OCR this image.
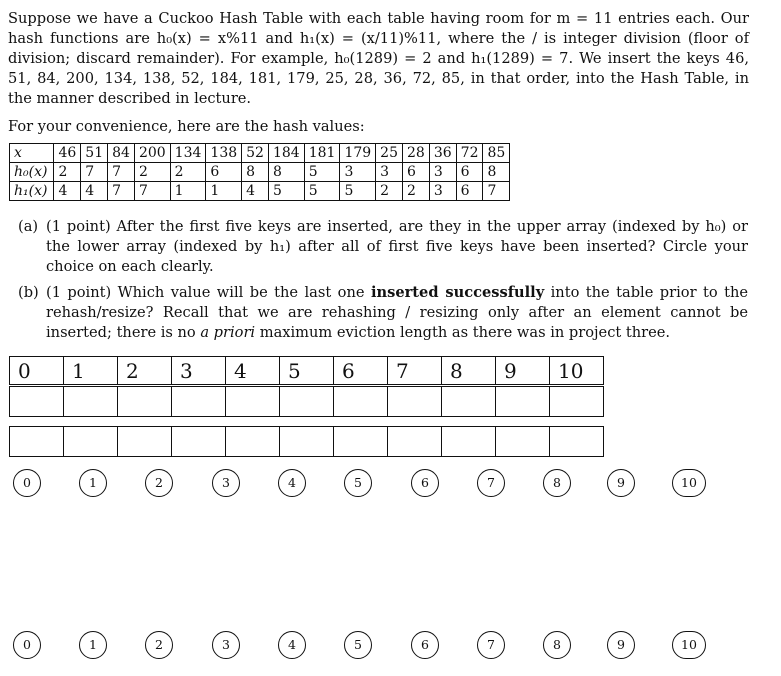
Suppose we have a Cuckoo Hash Table with each table having room for m = 11 entries each. Our hash functions are h₀(x) = x%11 and h₁(x) = (x/11)%11, where the / is integer division (floor of division; discard remainder). For example, h₀(1289) = 2 and h₁(1289) = 7. We insert the keys 46, 51, 84, 200, 134, 138, 52, 184, 181, 179, 25, 28, 36, 72, 85, in that order, into the Hash Table, in the manner described in lecture.
For your convenience, here are the hash values:
x	46	51	84	200	134	138	52	184	181	179	25	28	36	72	85
h₀(x)	2	7	7	2	2	6	8	8	5	3	3	6	3	6	8
h₁(x)	4	4	7	7	1	1	4	5	5	5	2	2	3	6	7
(a) (1 point) After the first five keys are inserted, are they in the upper array (indexed by h₀) or the lower array (indexed by h₁) after all of first five keys have been inserted? Circle your choice on each clearly.
(b) (1 point) Which value will be the last one inserted successfully into the table prior to the rehash/resize? Recall that we are rehashing / resizing only after an element cannot be inserted; there is no a priori maximum eviction length as there was in project three.
0	1	2	3	4	5	6	7	8	9	10

0	1	2	3	4	5	6	7	8	9	10
0	1	2	3	4	5	6	7	8	9	10
